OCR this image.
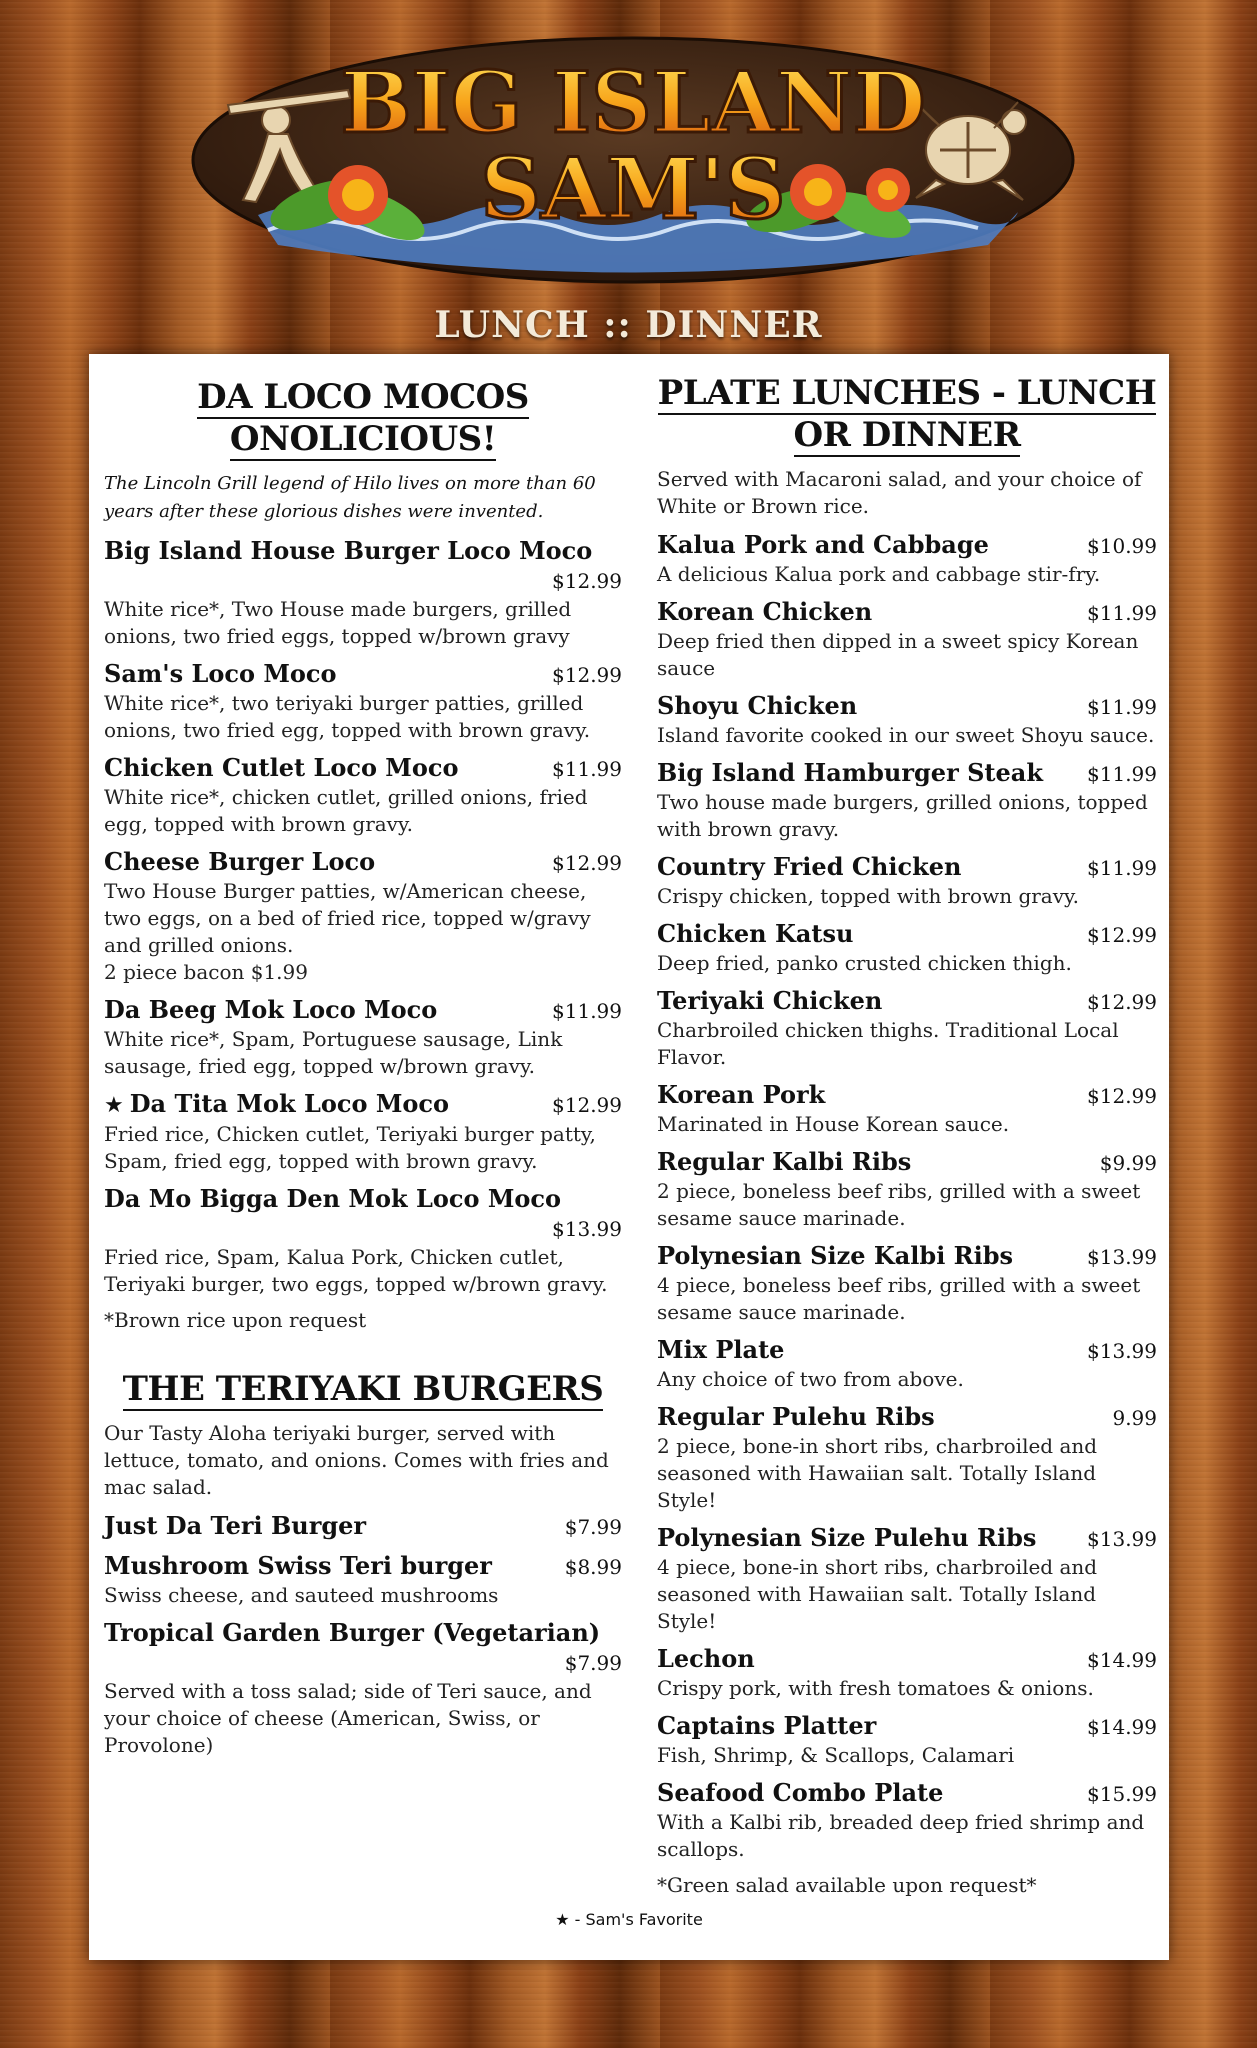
BIG ISLAND
SAM'S
LUNCH :: DINNER
DA LOCO MOCOS
ONOLICIOUS!
The Lincoln Grill legend of Hilo lives on more than 60 years after these glorious dishes were invented.
Big Island House Burger Loco Moco
$12.99
White rice*, Two House made burgers, grilled onions, two fried eggs, topped w/brown gravy
Sam's Loco Moco	$12.99
White rice*, two teriyaki burger patties, grilled onions, two fried egg, topped with brown gravy.
Chicken Cutlet Loco Moco	$11.99
White rice*, chicken cutlet, grilled onions, fried egg, topped with brown gravy.
Cheese Burger Loco	$12.99
Two House Burger patties, w/American cheese, two eggs, on a bed of fried rice, topped w/gravy and grilled onions.
2 piece bacon $1.99
Da Beeg Mok Loco Moco	$11.99
White rice*, Spam, Portuguese sausage, Link sausage, fried egg, topped w/brown gravy.
★ Da Tita Mok Loco Moco	$12.99
Fried rice, Chicken cutlet, Teriyaki burger patty, Spam, fried egg, topped with brown gravy.
Da Mo Bigga Den Mok Loco Moco
$13.99
Fried rice, Spam, Kalua Pork, Chicken cutlet, Teriyaki burger, two eggs, topped w/brown gravy.
*Brown rice upon request
THE TERIYAKI BURGERS
Our Tasty Aloha teriyaki burger, served with lettuce, tomato, and onions. Comes with fries and mac salad.
Just Da Teri Burger	$7.99
Mushroom Swiss Teri burger	$8.99
Swiss cheese, and sauteed mushrooms
Tropical Garden Burger (Vegetarian)
$7.99
Served with a toss salad; side of Teri sauce, and your choice of cheese (American, Swiss, or Provolone)
PLATE LUNCHES - LUNCH
OR DINNER
Served with Macaroni salad, and your choice of White or Brown rice.
Kalua Pork and Cabbage	$10.99
A delicious Kalua pork and cabbage stir-fry.
Korean Chicken	$11.99
Deep fried then dipped in a sweet spicy Korean sauce
Shoyu Chicken	$11.99
Island favorite cooked in our sweet Shoyu sauce.
Big Island Hamburger Steak $11.99
Two house made burgers, grilled onions, topped with brown gravy.
Country Fried Chicken	$11.99
Crispy chicken, topped with brown gravy.
Chicken Katsu	$12.99
Deep fried, panko crusted chicken thigh.
Teriyaki Chicken	$12.99
Charbroiled chicken thighs. Traditional Local Flavor.
Korean Pork	$12.99
Marinated in House Korean sauce.
Regular Kalbi Ribs	$9.99
2 piece, boneless beef ribs, grilled with a sweet sesame sauce marinade.
Polynesian Size Kalbi Ribs	$13.99
4 piece, boneless beef ribs, grilled with a sweet sesame sauce marinade.
Mix Plate	$13.99
Any choice of two from above.
Regular Pulehu Ribs	9.99
2 piece, bone-in short ribs, charbroiled and seasoned with Hawaiian salt. Totally Island Style!
Polynesian Size Pulehu Ribs	$13.99
4 piece, bone-in short ribs, charbroiled and seasoned with Hawaiian salt. Totally Island Style!
Lechon	$14.99
Crispy pork, with fresh tomatoes & onions.
Captains Platter	$14.99
Fish, Shrimp, & Scallops, Calamari
Seafood Combo Plate	$15.99
With a Kalbi rib, breaded deep fried shrimp and scallops.
*Green salad available upon request*
★ - Sam's Favorite
